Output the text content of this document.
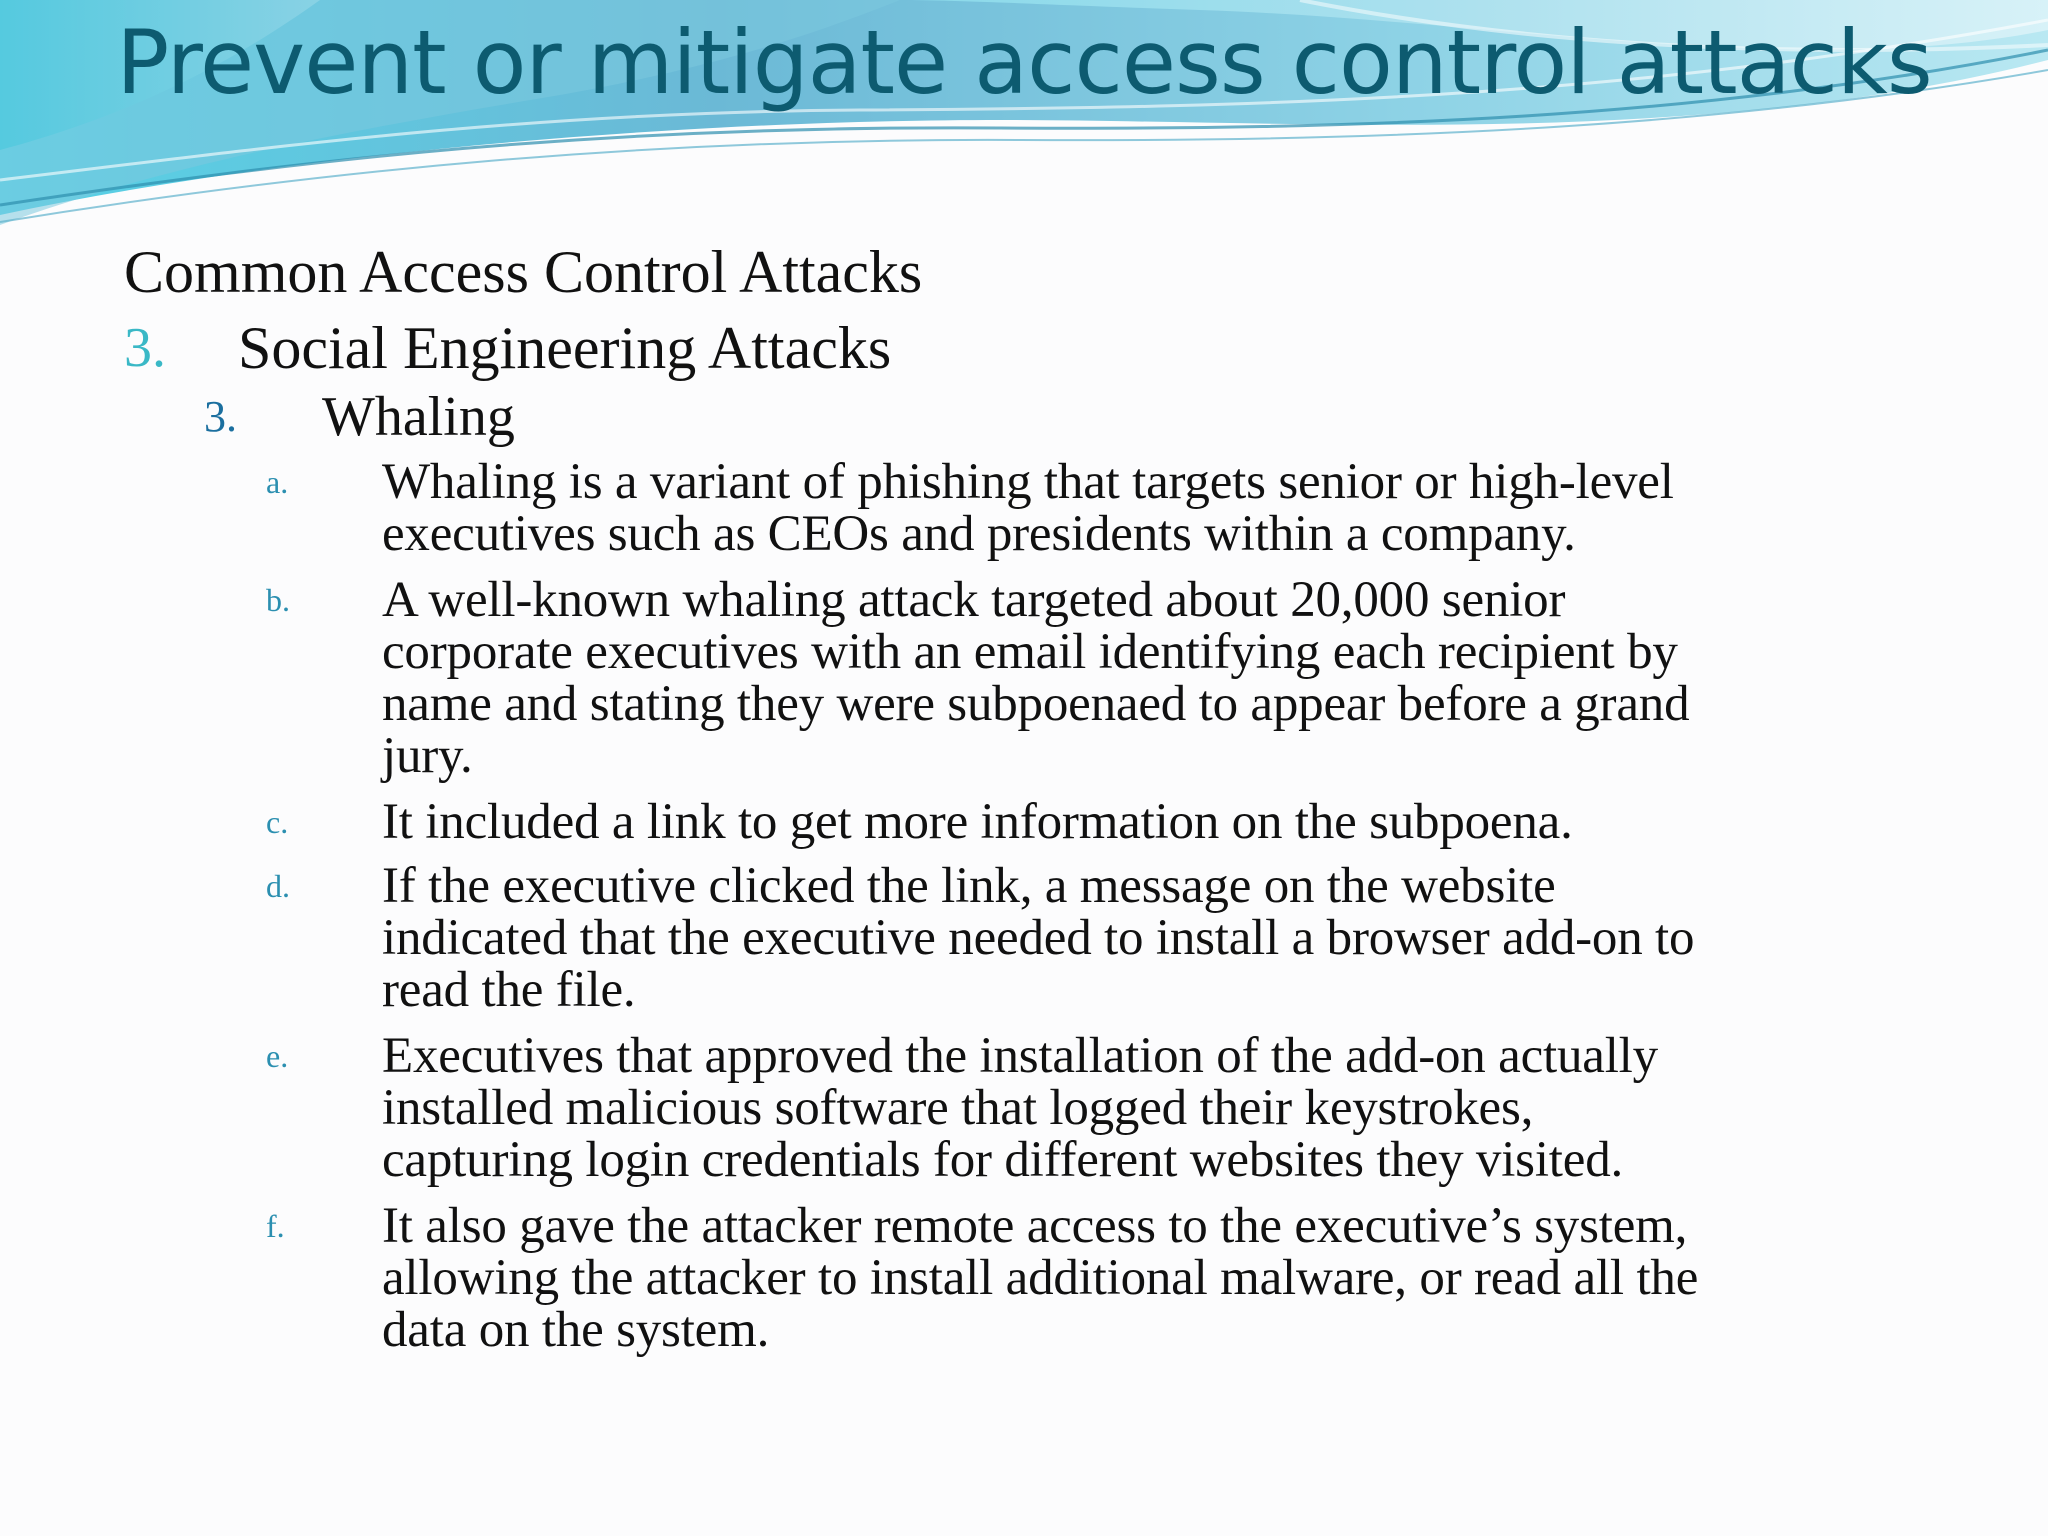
Prevent or mitigate access control attacks
Common Access Control Attacks
3. Social Engineering Attacks
3. Whaling
a. Whaling is a variant of phishing that targets senior or high-level
executives such as CEOs and presidents within a company.
b. A well-known whaling attack targeted about 20,000 senior
corporate executives with an email identifying each recipient by
name and stating they were subpoenaed to appear before a grand
jury.
c. It included a link to get more information on the subpoena.
d. If the executive clicked the link, a message on the website
indicated that the executive needed to install a browser add-on to
read the file.
e. Executives that approved the installation of the add-on actually
installed malicious software that logged their keystrokes,
capturing login credentials for different websites they visited.
f. It also gave the attacker remote access to the executive’s system,
allowing the attacker to install additional malware, or read all the
data on the system.
